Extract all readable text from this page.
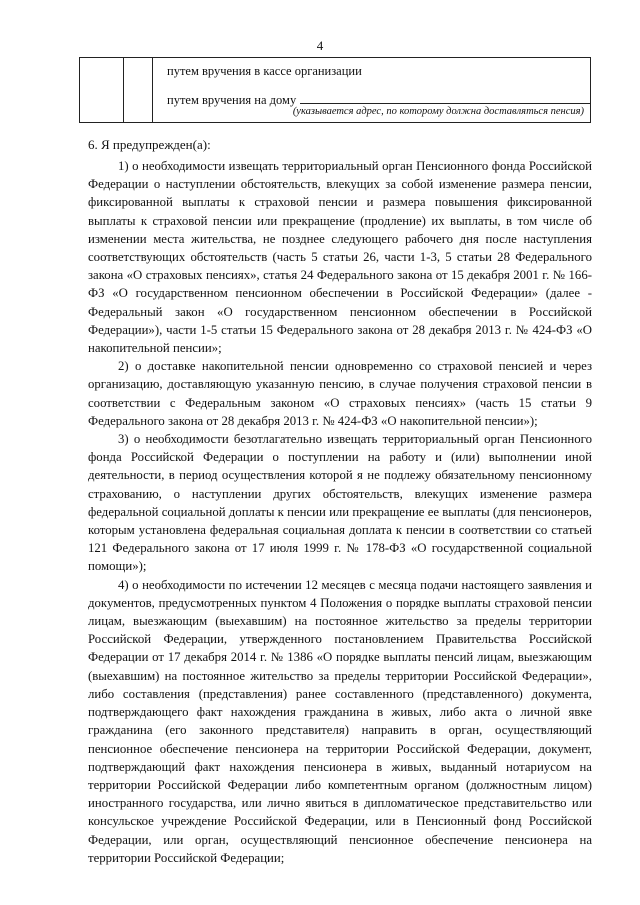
4
путем вручения в кассе организации
путем вручения на дому
(указывается адрес, по которому должна доставляться пенсия)
6. Я предупрежден(а):

1) о необходимости извещать территориальный орган Пенсионного фонда Российской Федерации о наступлении обстоятельств, влекущих за собой изменение размера пенсии, фиксированной выплаты к страховой пенсии и размера повышения фиксированной выплаты к страховой пенсии или прекращение (продление) их выплаты, в том числе об изменении места жительства, не позднее следующего рабочего дня после наступления соответствующих обстоятельств (часть 5 статьи 26, части 1-3, 5 статьи 28 Федерального закона «О страховых пенсиях», статья 24 Федерального закона от 15 декабря 2001 г. № 166-ФЗ «О государственном пенсионном обеспечении в Российской Федерации» (далее - Федеральный закон «О государственном пенсионном обеспечении в Российской Федерации»), части 1-5 статьи 15 Федерального закона от 28 декабря 2013 г. № 424-ФЗ «О накопительной пенсии»;

2) о доставке накопительной пенсии одновременно со страховой пенсией и через организацию, доставляющую указанную пенсию, в случае получения страховой пенсии в соответствии с Федеральным законом «О страховых пенсиях» (часть 15 статьи 9 Федерального закона от 28 декабря 2013 г. № 424-ФЗ «О накопительной пенсии»);

3) о необходимости безотлагательно извещать территориальный орган Пенсионного фонда Российской Федерации о поступлении на работу и (или) выполнении иной деятельности, в период осуществления которой я не подлежу обязательному пенсионному страхованию, о наступлении других обстоятельств, влекущих изменение размера федеральной социальной доплаты к пенсии или прекращение ее выплаты (для пенсионеров, которым установлена федеральная социальная доплата к пенсии в соответствии со статьей 121 Федерального закона от 17 июля 1999 г. № 178-ФЗ «О государственной социальной помощи»);

4) о необходимости по истечении 12 месяцев с месяца подачи настоящего заявления и документов, предусмотренных пунктом 4 Положения о порядке выплаты страховой пенсии лицам, выезжающим (выехавшим) на постоянное жительство за пределы территории Российской Федерации, утвержденного постановлением Правительства Российской Федерации от 17 декабря 2014 г. № 1386 «О порядке выплаты пенсий лицам, выезжающим (выехавшим) на постоянное жительство за пределы территории Российской Федерации», либо составления (представления) ранее составленного (представленного) документа, подтверждающего факт нахождения гражданина в живых, либо акта о личной явке гражданина (его законного представителя) направить в орган, осуществляющий пенсионное обеспечение пенсионера на территории Российской Федерации, документ, подтверждающий факт нахождения пенсионера в живых, выданный нотариусом на территории Российской Федерации либо компетентным органом (должностным лицом) иностранного государства, или лично явиться в дипломатическое представительство или консульское учреждение Российской Федерации, или в Пенсионный фонд Российской Федерации, или орган, осуществляющий пенсионное обеспечение пенсионера на территории Российской Федерации;
